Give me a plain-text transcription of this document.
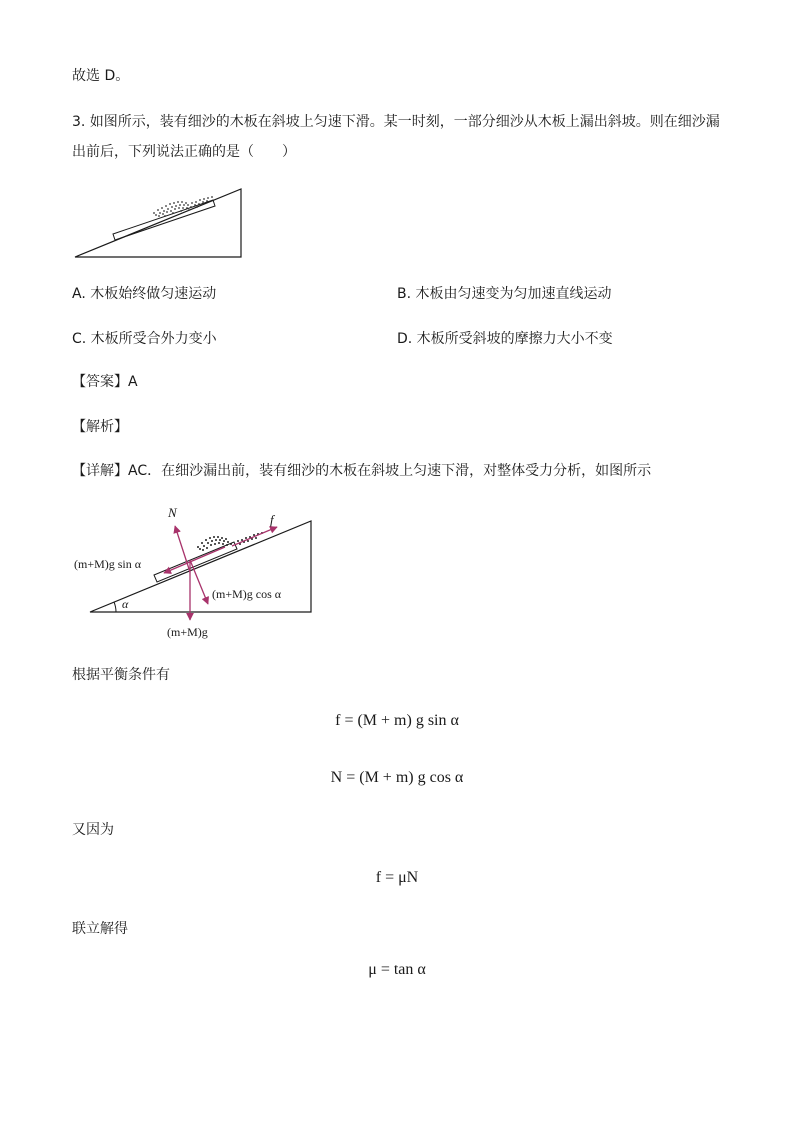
故选 D。
3. 如图所示，装有细沙的木板在斜坡上匀速下滑。某一时刻，一部分细沙从木板上漏出斜坡。则在细沙漏
出前后，下列说法正确的是（　　）
A. 木板始终做匀速运动	B. 木板由匀速变为匀加速直线运动
C. 木板所受合外力变小	D. 木板所受斜坡的摩擦力大小不变
【答案】A
【解析】
【详解】AC．在细沙漏出前，装有细沙的木板在斜坡上匀速下滑，对整体受力分析，如图所示
N	f
(m+M)g sin α
(m+M)g cos α
(m+M)g
α
根据平衡条件有
f = (M + m) g sin α
N = (M + m) g cos α
又因为
f = μN
联立解得
μ = tan α
